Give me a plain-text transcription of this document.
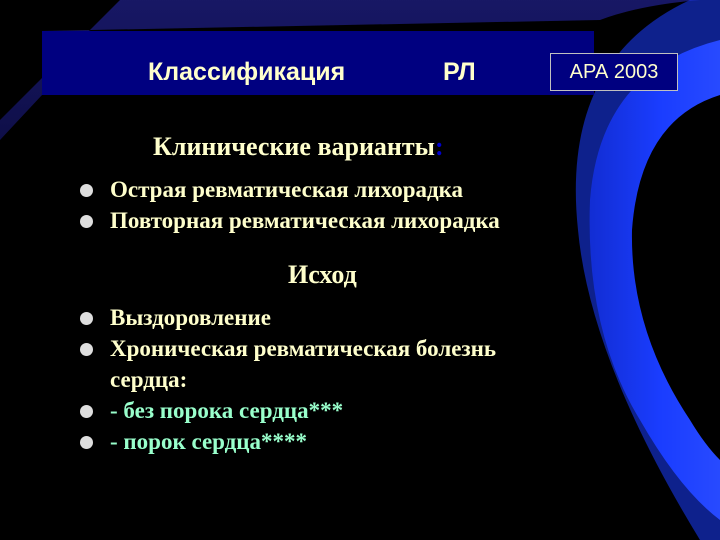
Классификация	РЛ	АРА 2003
Клинические варианты:
Острая ревматическая лихорадка
Повторная ревматическая лихорадка
Исход
Выздоровление
Хроническая ревматическая болезнь
сердца:
- без порока сердца***
- порок сердца****
